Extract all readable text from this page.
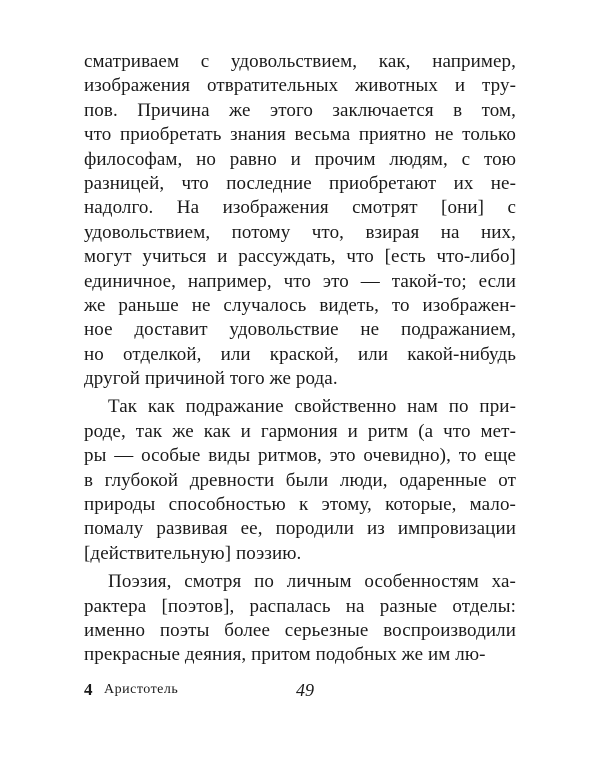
сматриваем с удовольствием, как, например,
изображения отвратительных животных и тру-
пов. Причина же этого заключается в том,
что приобретать знания весьма приятно не только
философам, но равно и прочим людям, с тою
разницей, что последние приобретают их не-
надолго. На изображения смотрят [они] с
удовольствием, потому что, взирая на них,
могут учиться и рассуждать, что [есть что-либо]
единичное, например, что это — такой-то; если
же раньше не случалось видеть, то изображен-
ное доставит удовольствие не подражанием,
но отделкой, или краской, или какой-нибудь
другой причиной того же рода.
Так как подражание свойственно нам по при-
роде, так же как и гармония и ритм (а что мет-
ры — особые виды ритмов, это очевидно), то еще
в глубокой древности были люди, одаренные от
природы способностью к этому, которые, мало-
помалу развивая ее, породили из импровизации
[действительную] поэзию.
Поэзия, смотря по личным особенностям ха-
рактера [поэтов], распалась на разные отделы:
именно поэты более серьезные воспроизводили
прекрасные деяния, притом подобных же им лю-
4 Аристотель	49
